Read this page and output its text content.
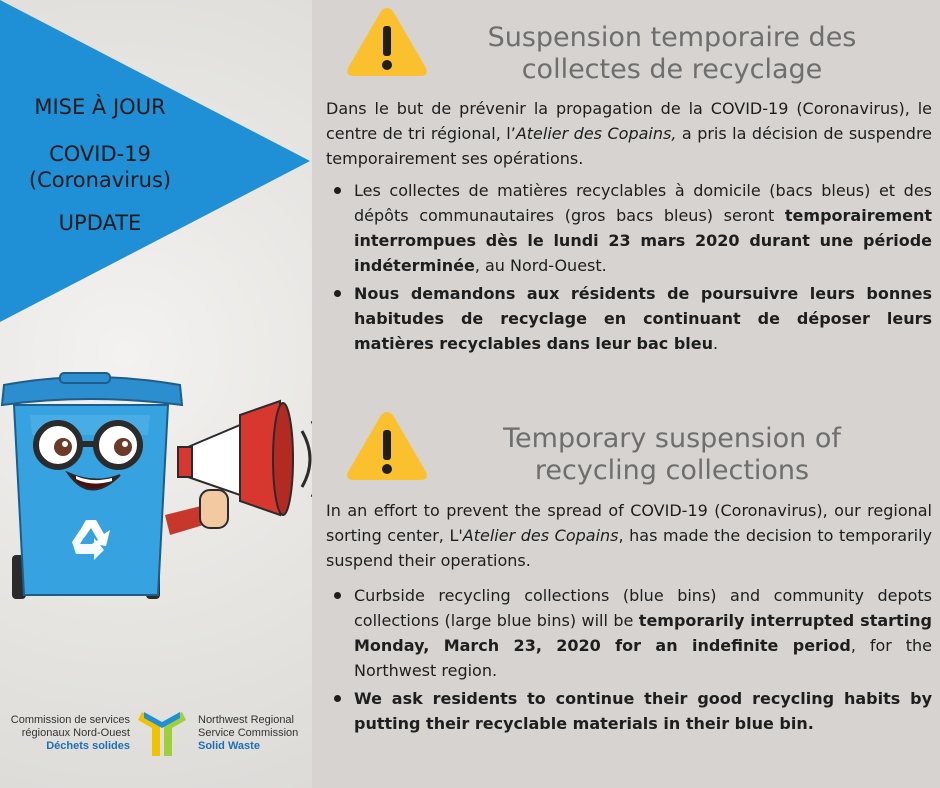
MISE À JOUR
COVID-19
(Coronavirus)
UPDATE
Commission de services
régionaux Nord-Ouest
Déchets solides
Northwest Regional
Service Commission
Solid Waste
Suspension temporaire des
collectes de recyclage
Dans le but de prévenir la propagation de la COVID-19 (Coronavirus), le centre de tri régional, l’Atelier des Copains, a pris la décision de suspendre temporairement ses opérations.
Les collectes de matières recyclables à domicile (bacs bleus) et des dépôts communautaires (gros bacs bleus) seront temporairement interrompues dès le lundi 23 mars 2020 durant une période indéterminée, au Nord-Ouest.
Nous demandons aux résidents de poursuivre leurs bonnes habitudes de recyclage en continuant de déposer leurs matières recyclables dans leur bac bleu.
Temporary suspension of
recycling collections
In an effort to prevent the spread of COVID-19 (Coronavirus), our regional sorting center, L'Atelier des Copains, has made the decision to temporarily suspend their operations.
Curbside recycling collections (blue bins) and community depots collections (large blue bins) will be temporarily interrupted starting Monday, March 23, 2020 for an indefinite period, for the Northwest region.
We ask residents to continue their good recycling habits by putting their recyclable materials in their blue bin.
